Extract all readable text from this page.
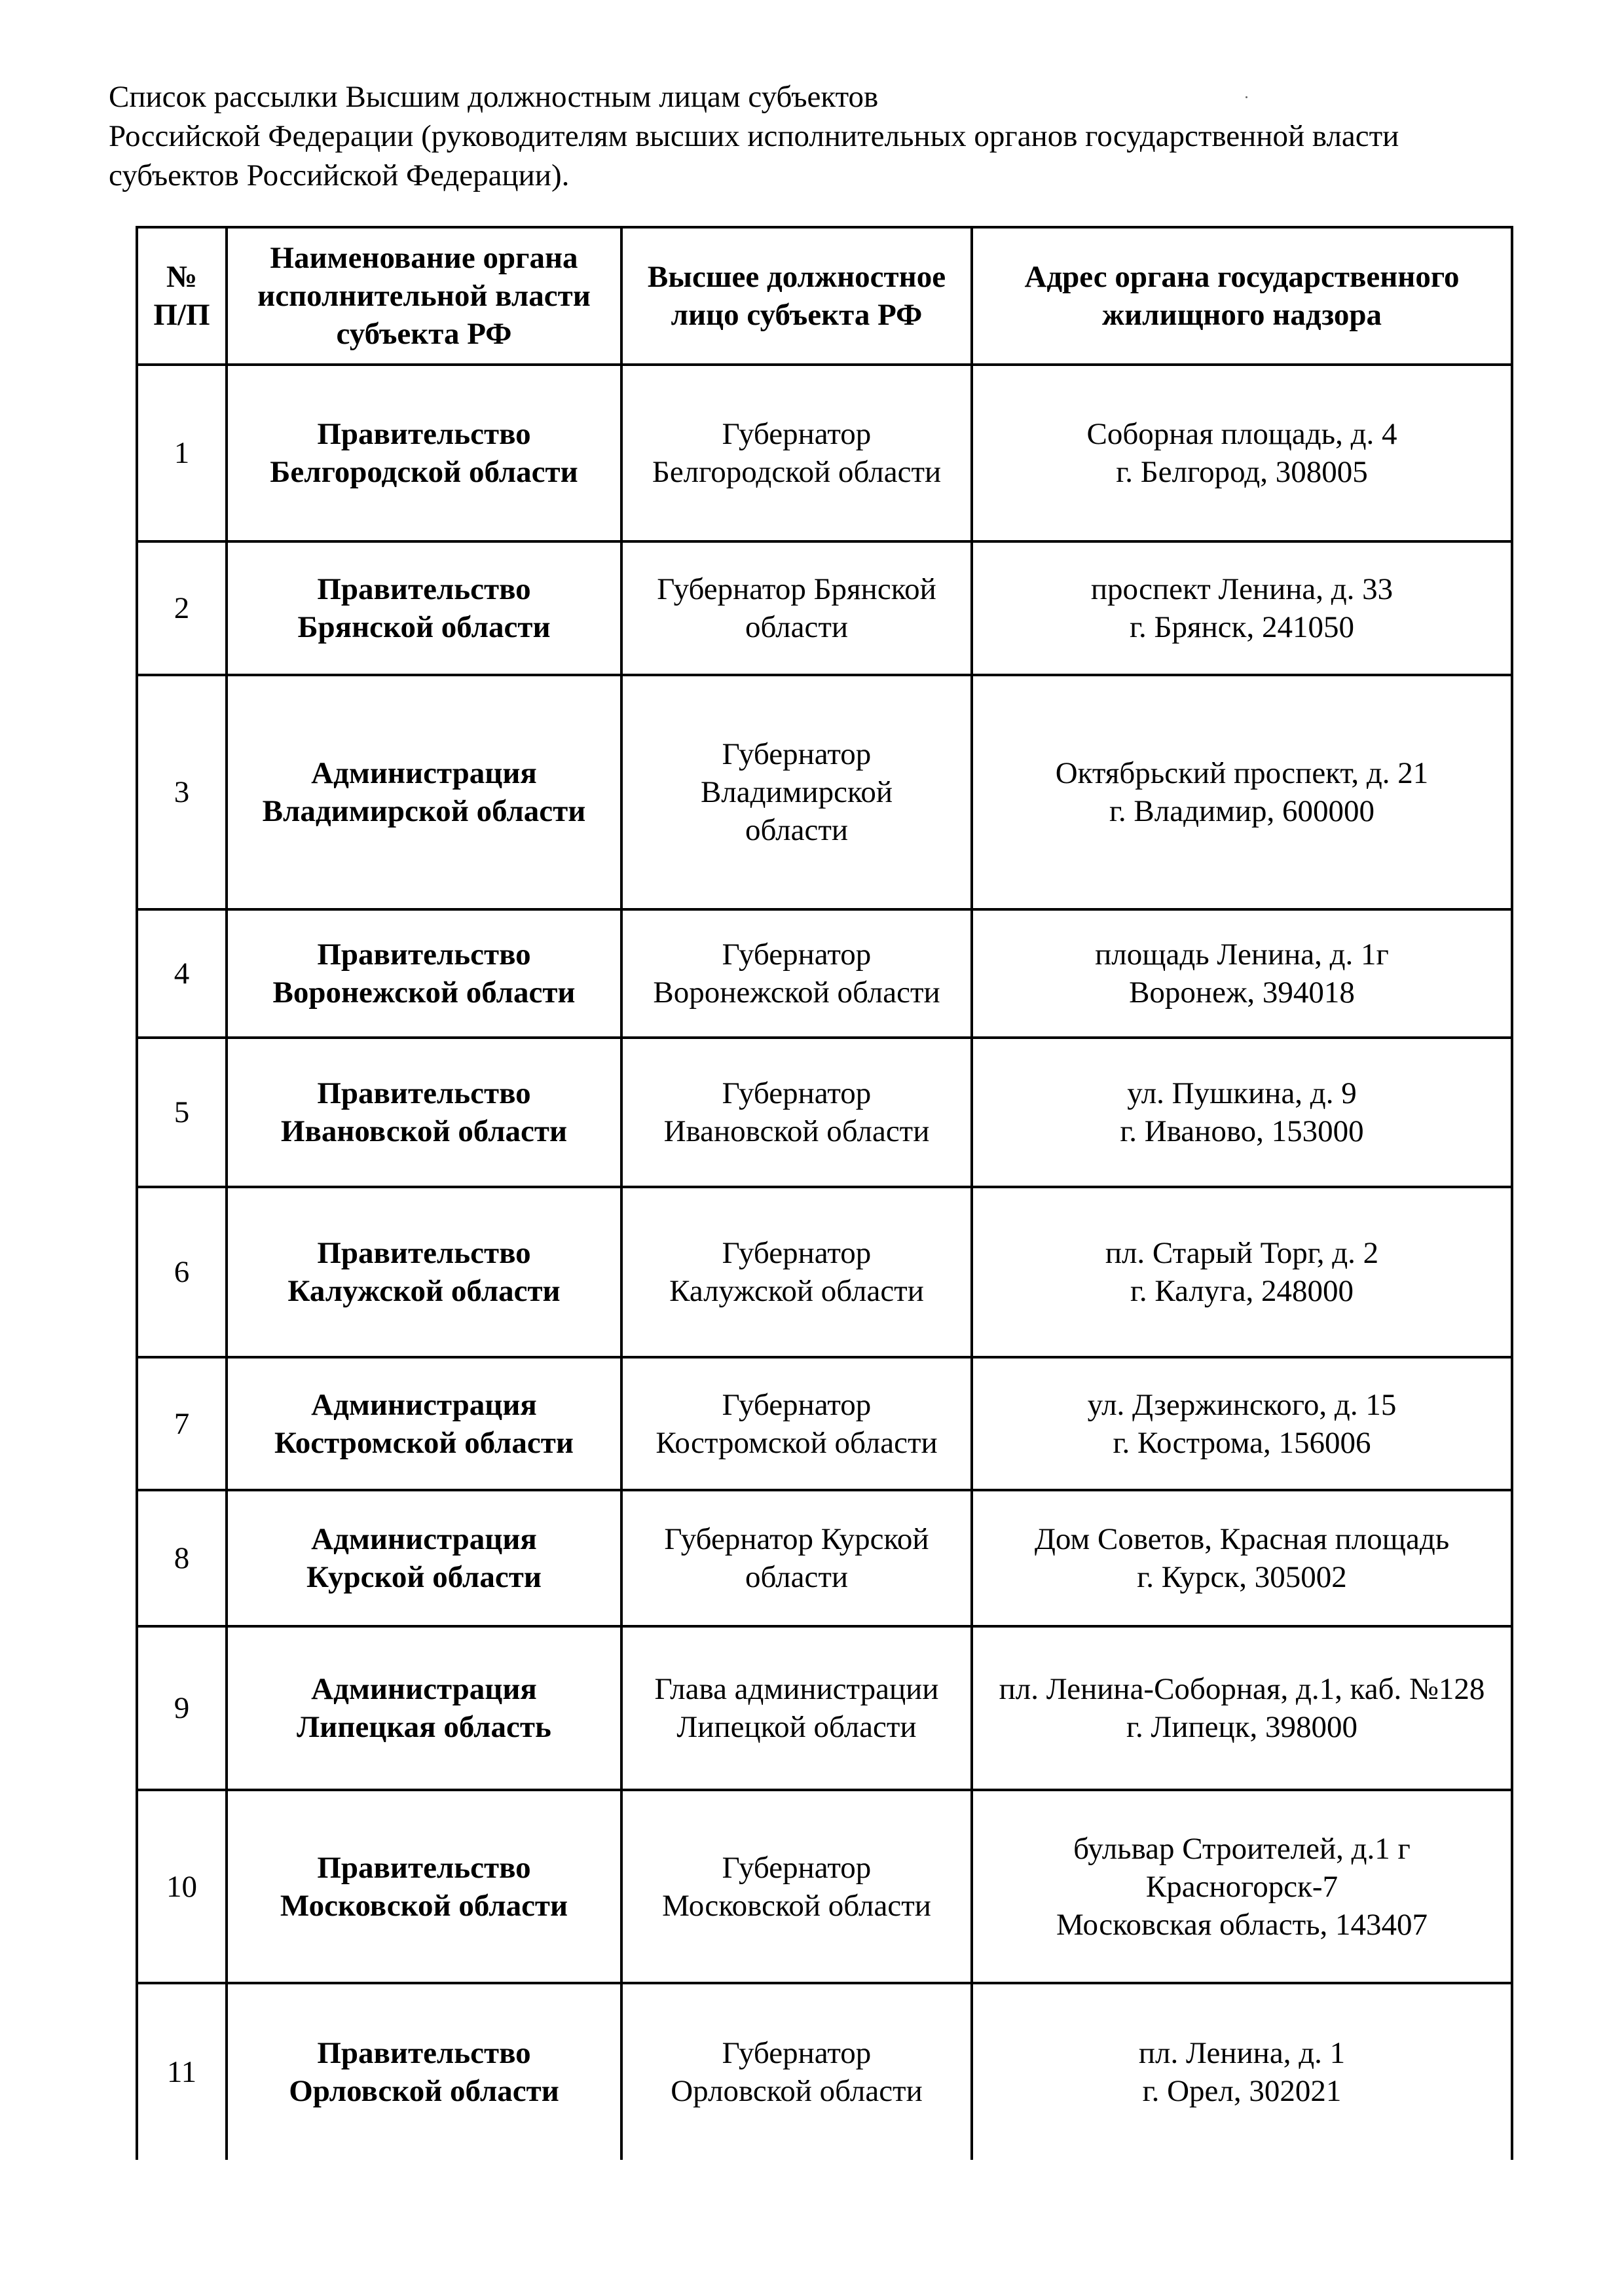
Список рассылки Высшим должностным лицам субъектов
Российской Федерации (руководителям высших исполнительных органов государственной власти
субъектов Российской Федерации).
№
П/П	Наименование органа
исполнительной власти
субъекта РФ	Высшее должностное
лицо субъекта РФ	Адрес органа государственного
жилищного надзора

1	Правительство
Белгородской области	Губернатор
Белгородской области	Соборная площадь, д. 4
г. Белгород, 308005

2	Правительство
Брянской области	Губернатор Брянской
области	проспект Ленина, д. 33
г. Брянск, 241050

3	Администрация
Владимирской области	Губернатор
Владимирской
области	Октябрьский проспект, д. 21
г. Владимир, 600000

4	Правительство
Воронежской области	Губернатор
Воронежской области	площадь Ленина, д. 1г
Воронеж, 394018

5	Правительство
Ивановской области	Губернатор
Ивановской области	ул. Пушкина, д. 9
г. Иваново, 153000

6	Правительство
Калужской области	Губернатор
Калужской области	пл. Старый Торг, д. 2
г. Калуга, 248000

7	Администрация
Костромской области	Губернатор
Костромской области	ул. Дзержинского, д. 15
г. Кострома, 156006

8	Администрация
Курской области	Губернатор Курской
области	Дом Советов, Красная площадь
г. Курск, 305002

9	Администрация
Липецкая область	Глава администрации
Липецкой области	пл. Ленина-Соборная, д.1, каб. №128
г. Липецк, 398000

10	Правительство
Московской области	Губернатор
Московской области	бульвар Строителей, д.1 г
Красногорск-7
Московская область, 143407

11	Правительство
Орловской области	Губернатор
Орловской области	пл. Ленина, д. 1
г. Орел, 302021
